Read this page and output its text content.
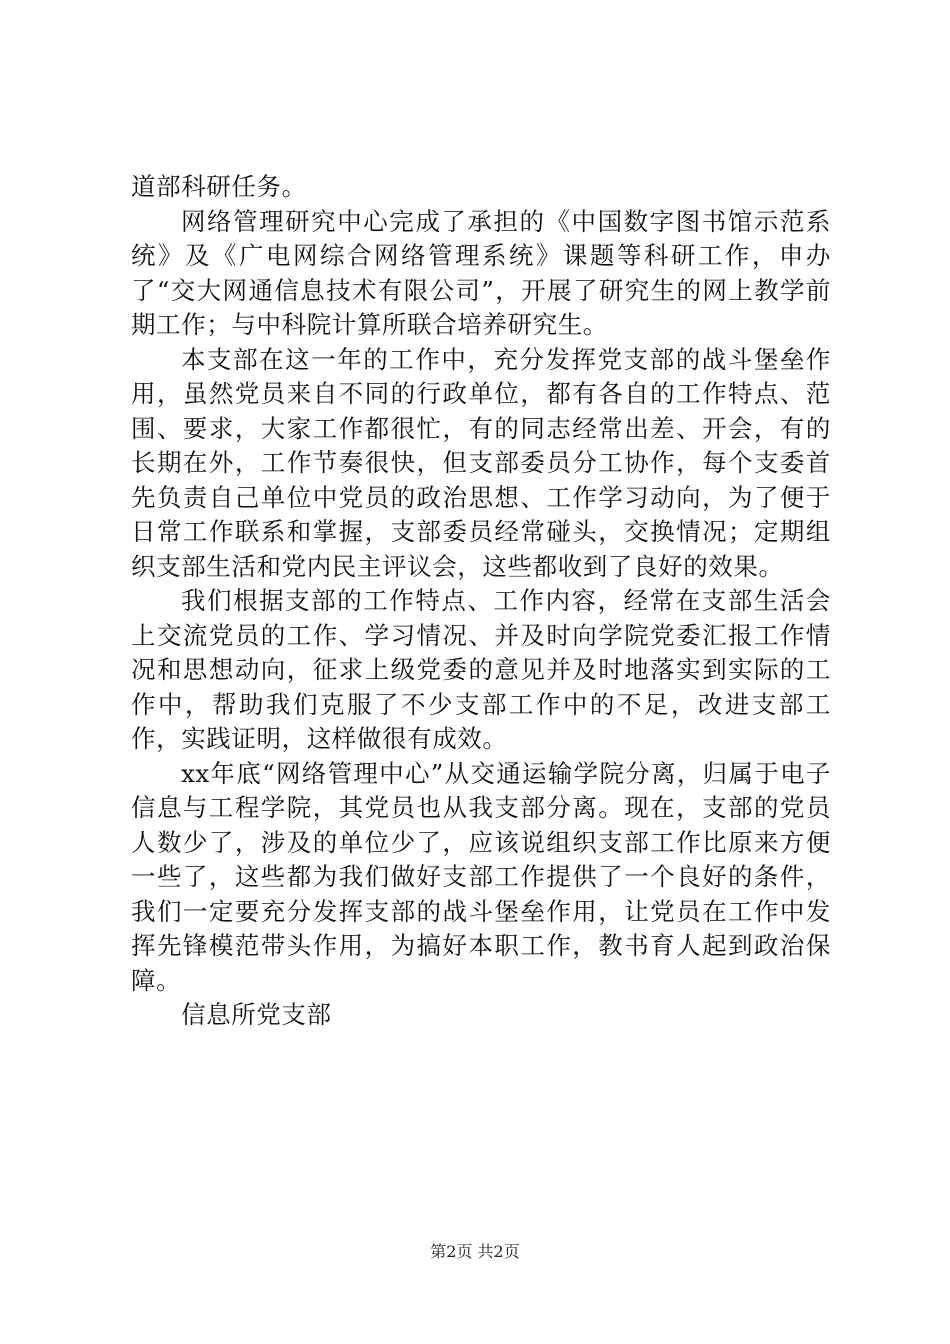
道部科研任务。

网络管理研究中心完成了承担的《中国数字图书馆示范系统》及《广电网综合网络管理系统》课题等科研工作，申办了“交大网通信息技术有限公司”，开展了研究生的网上教学前期工作；与中科院计算所联合培养研究生。

本支部在这一年的工作中，充分发挥党支部的战斗堡垒作用，虽然党员来自不同的行政单位，都有各自的工作特点、范围、要求，大家工作都很忙，有的同志经常出差、开会，有的长期在外，工作节奏很快，但支部委员分工协作，每个支委首先负责自己单位中党员的政治思想、工作学习动向，为了便于日常工作联系和掌握，支部委员经常碰头，交换情况；定期组织支部生活和党内民主评议会，这些都收到了良好的效果。

我们根据支部的工作特点、工作内容，经常在支部生活会上交流党员的工作、学习情况、并及时向学院党委汇报工作情况和思想动向，征求上级党委的意见并及时地落实到实际的工作中，帮助我们克服了不少支部工作中的不足，改进支部工作，实践证明，这样做很有成效。

xx年底“网络管理中心”从交通运输学院分离，归属于电子信息与工程学院，其党员也从我支部分离。现在，支部的党员人数少了，涉及的单位少了，应该说组织支部工作比原来方便一些了，这些都为我们做好支部工作提供了一个良好的条件，我们一定要充分发挥支部的战斗堡垒作用，让党员在工作中发挥先锋模范带头作用，为搞好本职工作，教书育人起到政治保障。

信息所党支部

第2页 共2页
